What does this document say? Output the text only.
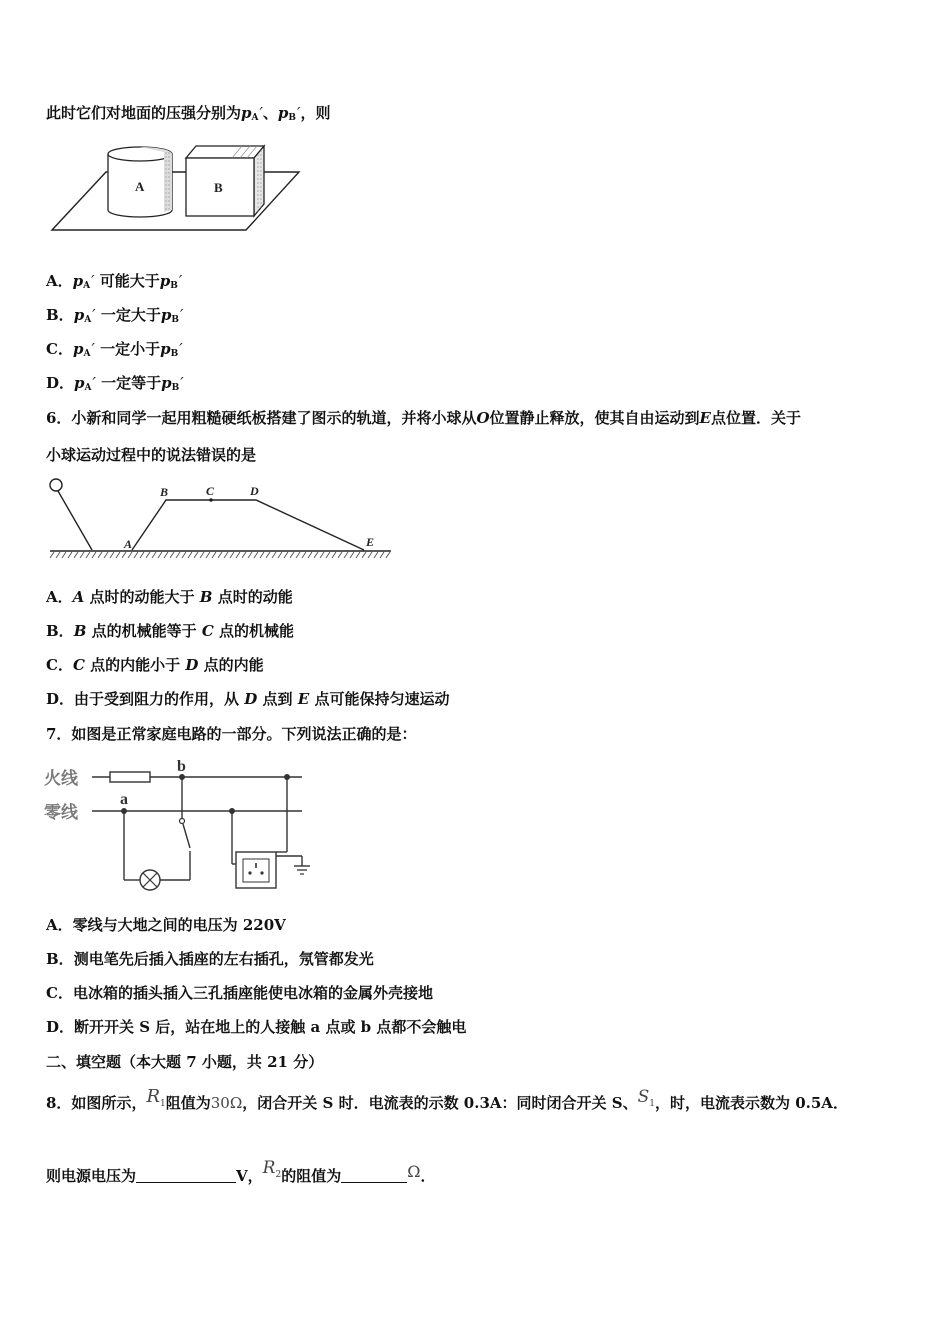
此时它们对地面的压强分别为$p_A'$、$p_B'$，则
A	B
A．$p_A'$ 可能大于$p_B'$
B．$p_A'$ 一定大于$p_B'$
C．$p_A'$ 一定小于$p_B'$
D．$p_A'$ 一定等于$p_B'$
6．小新和同学一起用粗糙硬纸板搭建了图示的轨道，并将小球从O位置静止释放，使其自由运动到E点位置．关于
小球运动过程中的说法错误的是
A
B	C	D
E
A．A 点时的动能大于 B 点时的动能
B．B 点的机械能等于 C 点的机械能
C．C 点的内能小于 D 点的内能
D．由于受到阻力的作用，从 D 点到 E 点可能保持匀速运动
7．如图是正常家庭电路的一部分。下列说法正确的是：
火线
零线
b
a
A．零线与大地之间的电压为 220V
B．测电笔先后插入插座的左右插孔，氖管都发光
C．电冰箱的插头插入三孔插座能使电冰箱的金属外壳接地
D．断开开关 S 后，站在地上的人接触 a 点或 b 点都不会触电
二、填空题（本大题 7 小题，共 21 分）
8．如图所示，R1阻值为30Ω，闭合开关 S 时．电流表的示数 0.3A：同时闭合开关 S、S1，时，电流表示数为 0.5A．
则电源电压为	V，$R^2$的阻值为	Ω．
